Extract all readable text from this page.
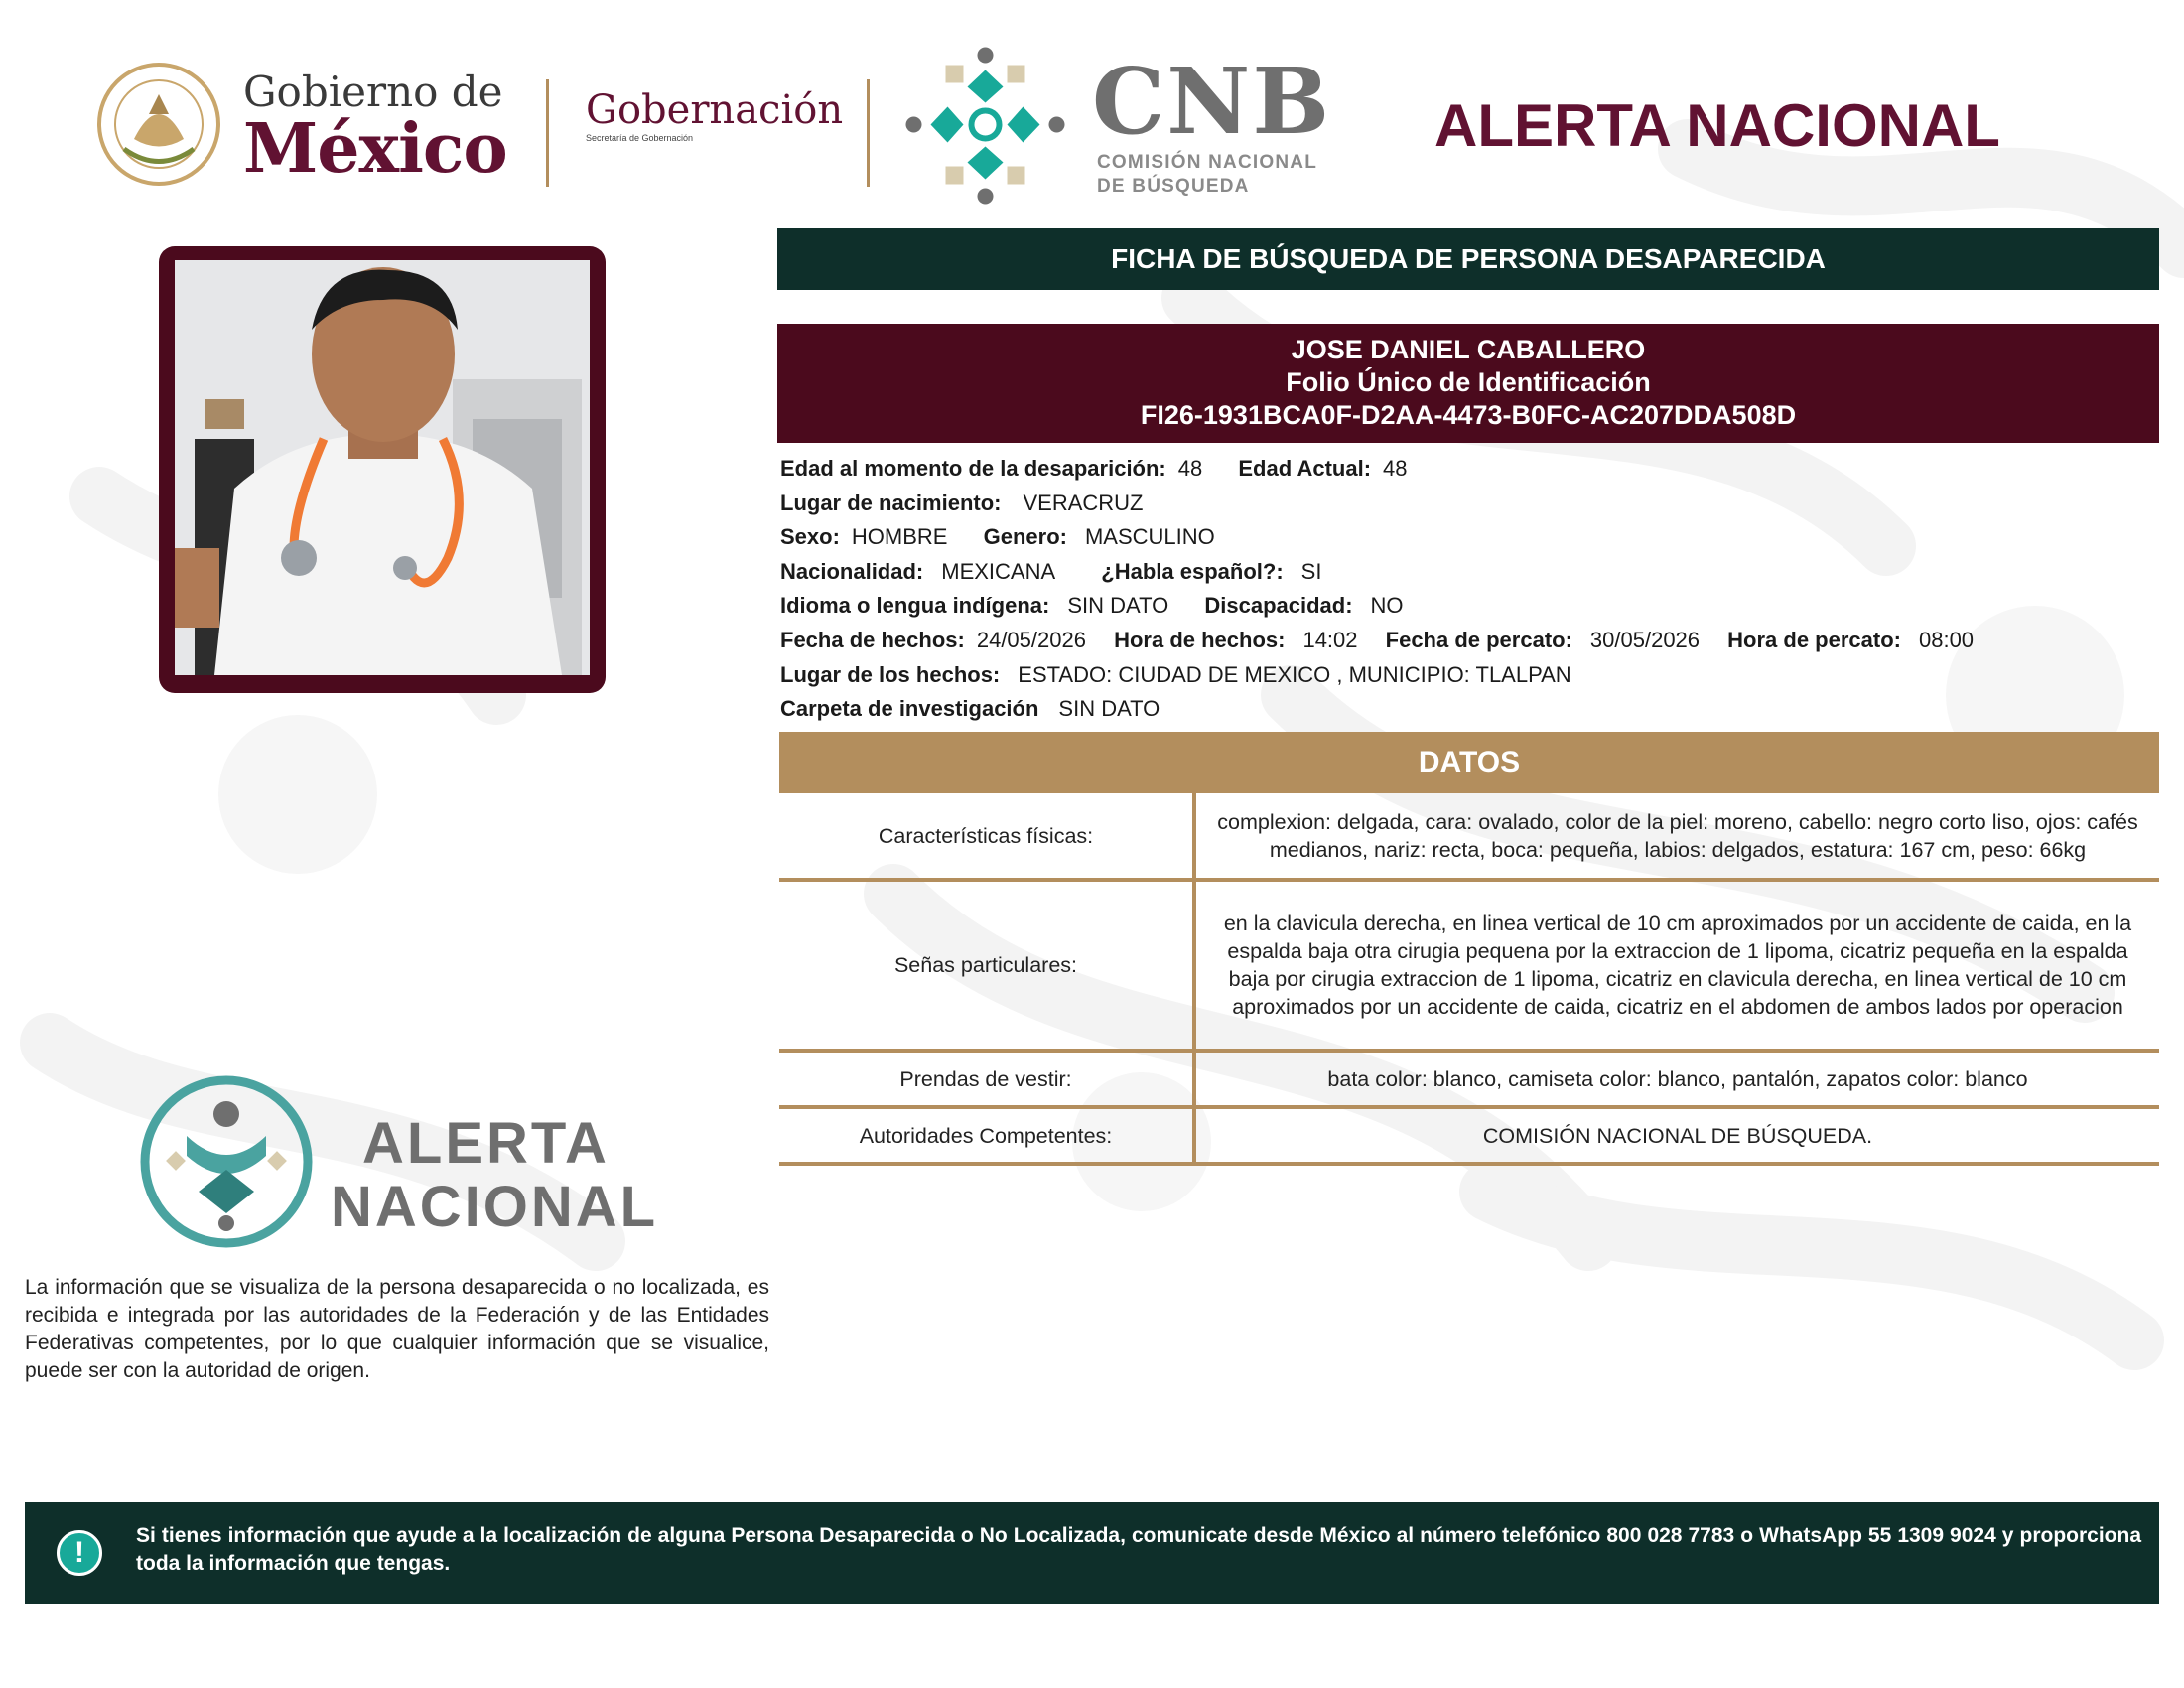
Gobierno de
México Gobernación
Secretaría de Gobernación	CNB
COMISIÓN NACIONAL
DE BÚSQUEDA
ALERTA NACIONAL
FICHA DE BÚSQUEDA DE PERSONA DESAPARECIDA
JOSE DANIEL CABALLERO
Folio Único de Identificación
FI26-1931BCA0F-D2AA-4473-B0FC-AC207DDA508D
Edad al momento de la desaparición: 48 Edad Actual: 48
Lugar de nacimiento: VERACRUZ
Sexo: HOMBRE Genero: MASCULINO
Nacionalidad: MEXICANA ¿Habla español?: SI
Idioma o lengua indígena: SIN DATO Discapacidad: NO
Fecha de hechos: 24/05/2026 Hora de hechos: 14:02 Fecha de percato: 30/05/2026 Hora de percato: 08:00
Lugar de los hechos: ESTADO: CIUDAD DE MEXICO , MUNICIPIO: TLALPAN
Carpeta de investigación SIN DATO
DATOS
Características físicas:	complexion: delgada, cara: ovalado, color de la piel: moreno, cabello: negro corto liso, ojos: cafés medianos, nariz: recta, boca: pequeña, labios: delgados, estatura: 167 cm, peso: 66kg
Señas particulares:	en la clavicula derecha, en linea vertical de 10 cm aproximados por un accidente de caida, en la espalda baja otra cirugia pequena por la extraccion de 1 lipoma, cicatriz pequeña en la espalda baja por cirugia extraccion de 1 lipoma, cicatriz en clavicula derecha, en linea vertical de 10 cm aproximados por un accidente de caida, cicatriz en el abdomen de ambos lados por operacion
Prendas de vestir:	bata color: blanco, camiseta color: blanco, pantalón, zapatos color: blanco
Autoridades Competentes:	COMISIÓN NACIONAL DE BÚSQUEDA.
ALERTA
NACIONAL
La información que se visualiza de la persona desaparecida o no localizada, es recibida e integrada por las autoridades de la Federación y de las Entidades Federativas competentes, por lo que cualquier información que se visualice, puede ser con la autoridad de origen.
!
Si tienes información que ayude a la localización de alguna Persona Desaparecida o No Localizada, comunicate desde México al número telefónico 800 028 7783 o WhatsApp 55 1309 9024 y proporciona toda la información que tengas.
